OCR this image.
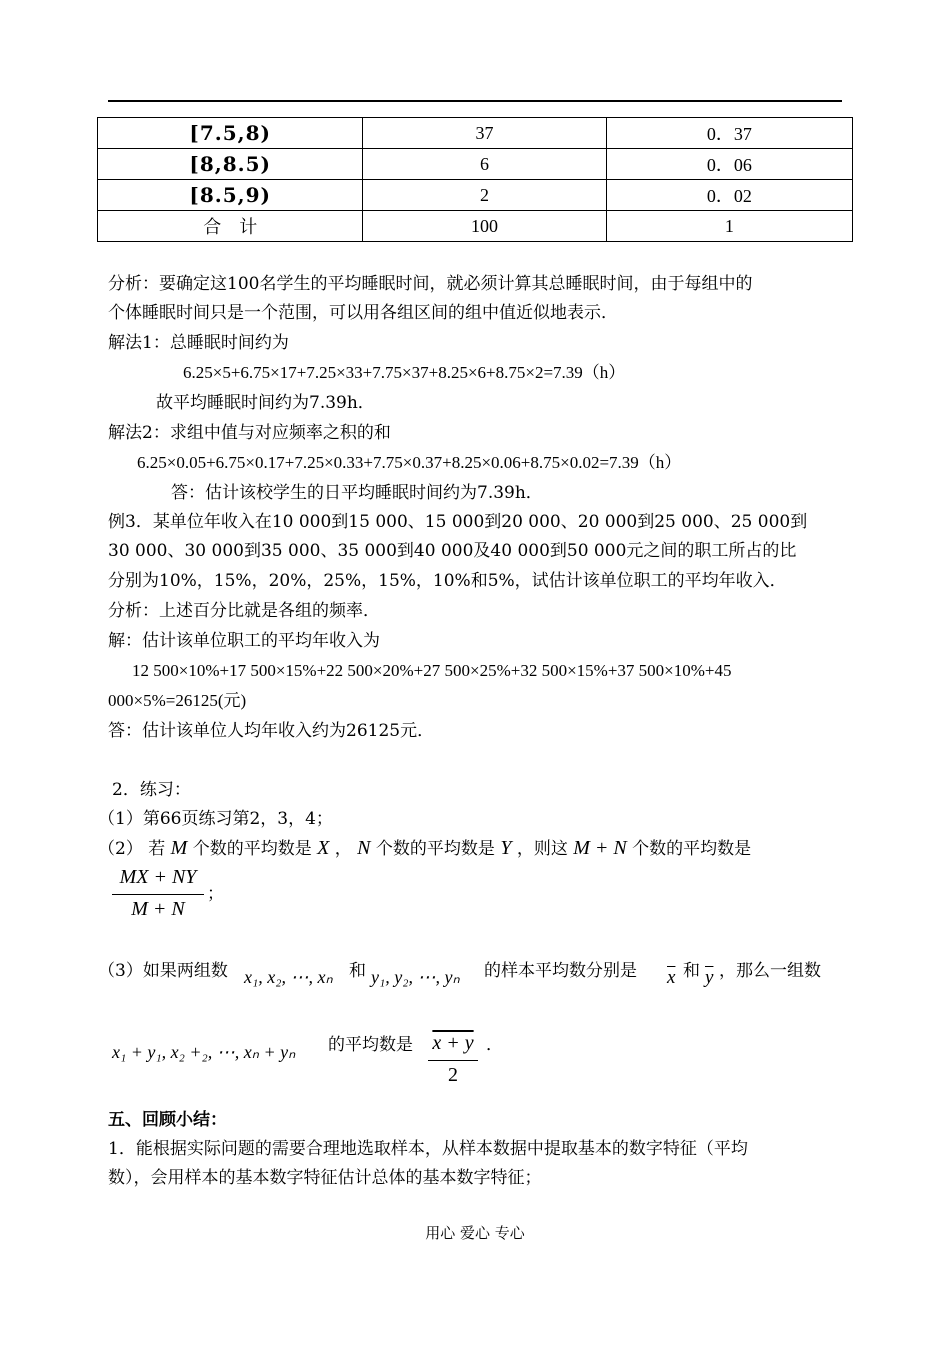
[7.5,8)	37	0．37
[8,8.5)	6	0．06
[8.5,9)	2	0．02
合　计	100	1
分析：要确定这100名学生的平均睡眠时间，就必须计算其总睡眠时间，由于每组中的
个体睡眠时间只是一个范围，可以用各组区间的组中值近似地表示．
解法1：总睡眠时间约为
6.25×5+6.75×17+7.25×33+7.75×37+8.25×6+8.75×2=7.39（h）
故平均睡眠时间约为7.39h．
解法2：求组中值与对应频率之积的和
6.25×0.05+6.75×0.17+7.25×0.33+7.75×0.37+8.25×0.06+8.75×0.02=7.39（h）
答：估计该校学生的日平均睡眠时间约为7.39h．
例3．某单位年收入在10 000到15 000、15 000到20 000、20 000到25 000、25 000到
30 000、30 000到35 000、35 000到40 000及40 000到50 000元之间的职工所占的比
分别为10%，15%，20%，25%，15%，10%和5%，试估计该单位职工的平均年收入．
分析：上述百分比就是各组的频率．
解：估计该单位职工的平均年收入为
12 500×10%+17 500×15%+22 500×20%+27 500×25%+32 500×15%+37 500×10%+45
000×5%=26125(元)
答：估计该单位人均年收入约为26125元．
2．练习：
（1）第66页练习第2，3，4；
（2） 若 M 个数的平均数是 X ， N 个数的平均数是 Y ，则这 M + N 个数的平均数是
MX + NY
M + N
；
（3）如果两组数 x₁, x₂, ⋯, xₙ 和 y₁, y₂, ⋯, yₙ 的样本平均数分别是 $\overline{x}$ 和 $\overline{y}$ ，那么一组数
x₁ + y₁, x₂ +₂, ⋯, xₙ + yₙ 的平均数是 x + y
2
．
五、回顾小结：
1．能根据实际问题的需要合理地选取样本，从样本数据中提取基本的数字特征（平均
数），会用样本的基本数字特征估计总体的基本数字特征；
用心 爱心 专心
